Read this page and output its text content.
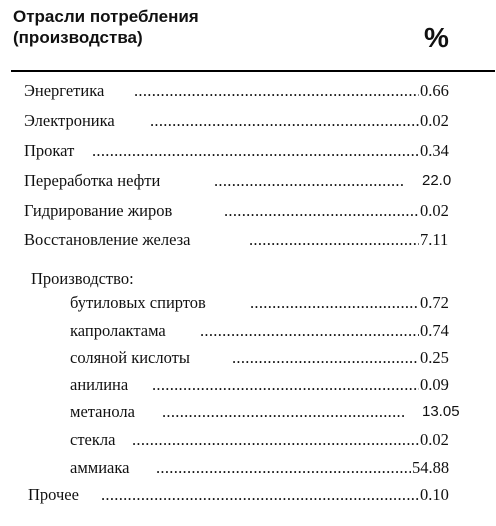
Отрасли потребления
(производства)	%
Энергетика .....	0.66
Электроника .....	0.02
Прокат .....	0.34
Переработка нефти .....	22.0
Гидрирование жиров .....	0.02
Восстановление железа .....	7.11
Производство:
бутиловых спиртов .....	0.72
капролактама .....	0.74
соляной кислоты .....	0.25
анилина .....	0.09
метанола .....	13.05
стекла .....	0.02
аммиака .....	54.88
Прочее .....	0.10
